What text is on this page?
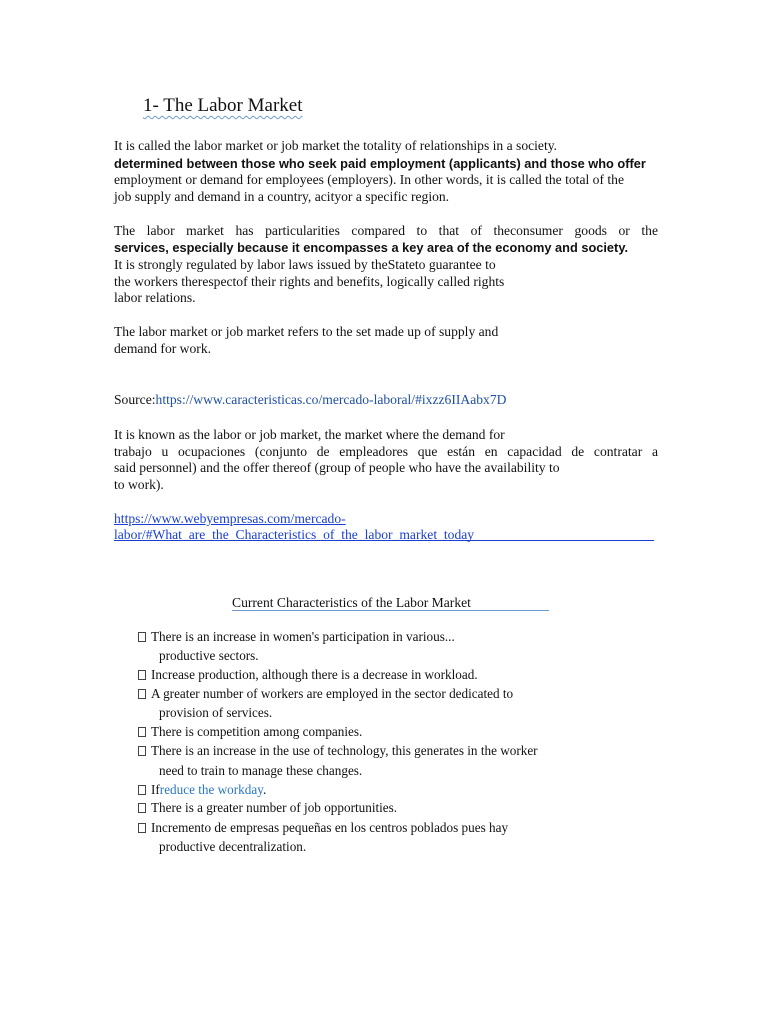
1- The Labor Market
It is called the labor market or job market the totality of relationships in a society.
determined between those who seek paid employment (applicants) and those who offer
employment or demand for employees (employers). In other words, it is called the total of the
job supply and demand in a country, acityor a specific region.
The labor market has particularities compared to that of theconsumer goods or the
services, especially because it encompasses a key area of the economy and society.
It is strongly regulated by labor laws issued by theStateto guarantee to
the workers therespectof their rights and benefits, logically called rights
labor relations.
The labor market or job market refers to the set made up of supply and
demand for work.
Source:https://www.caracteristicas.co/mercado-laboral/#ixzz6IIAabx7D
It is known as the labor or job market, the market where the demand for
trabajo u ocupaciones (conjunto de empleadores que están en capacidad de contratar a
said personnel) and the offer thereof (group of people who have the availability to
to work).
https://www.webyempresas.com/mercado-
labor/#What_are_the_Characteristics_of_the_labor_market_today
Current Characteristics of the Labor Market
There is an increase in women's participation in various...
productive sectors.
Increase production, although there is a decrease in workload.
A greater number of workers are employed in the sector dedicated to
provision of services.
There is competition among companies.
There is an increase in the use of technology, this generates in the worker
need to train to manage these changes.
Ifreduce the workday.
There is a greater number of job opportunities.
Incremento de empresas pequeñas en los centros poblados pues hay
productive decentralization.
